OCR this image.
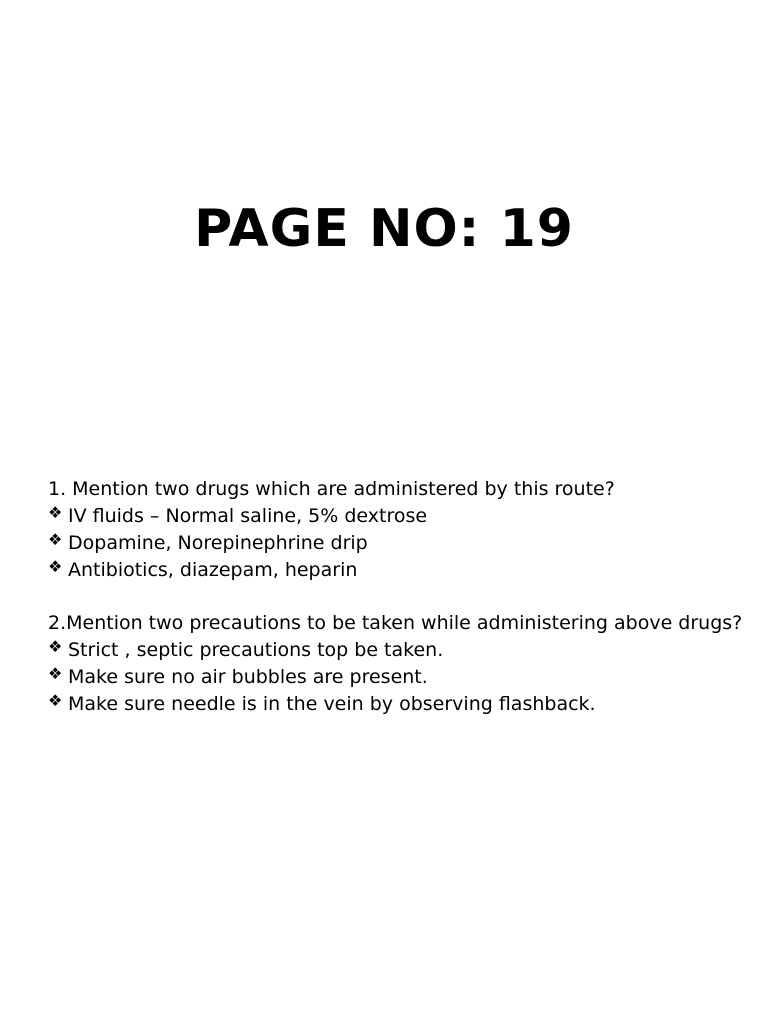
PAGE NO: 19

1. Mention two drugs which are administered by this route?

❖ IV fluids – Normal saline, 5% dextrose
❖ Dopamine, Norepinephrine drip
❖ Antibiotics, diazepam, heparin

2.Mention two precautions to be taken while administering above drugs?

❖ Strict , septic precautions top be taken.
❖ Make sure no air bubbles are present.
❖ Make sure needle is in the vein by observing flashback.
